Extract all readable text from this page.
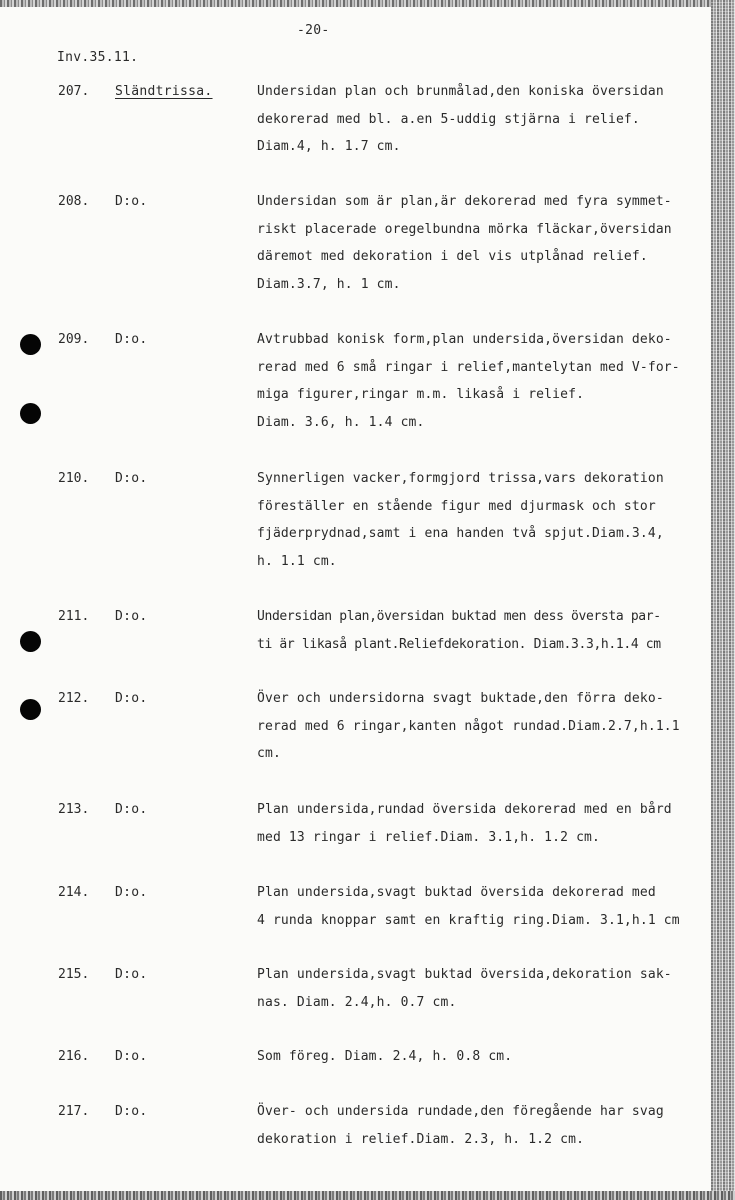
-20-
Inv.35.11.
207. Sländtrissa.	Undersidan plan och brunmålad,den koniska översidan
dekorerad med bl. a.en 5-uddig stjärna i relief.
Diam.4, h. 1.7 cm.
208. D:o.	Undersidan som är plan,är dekorerad med fyra symmet-
riskt placerade oregelbundna mörka fläckar,översidan
däremot med dekoration i del vis utplånad relief.
Diam.3.7, h. 1 cm.
209. D:o.	Avtrubbad konisk form,plan undersida,översidan deko-
rerad med 6 små ringar i relief,mantelytan med V-for-
miga figurer,ringar m.m. likaså i relief.
Diam. 3.6, h. 1.4 cm.
210. D:o.	Synnerligen vacker,formgjord trissa,vars dekoration
föreställer en stående figur med djurmask och stor
fjäderprydnad,samt i ena handen två spjut.Diam.3.4,
h. 1.1 cm.
211. D:o.	Undersidan plan,översidan buktad men dess översta par-
ti är likaså plant.Reliefdekoration. Diam.3.3,h.1.4 cm
212. D:o.	Över och undersidorna svagt buktade,den förra deko-
rerad med 6 ringar,kanten något rundad.Diam.2.7,h.1.1
cm.
213. D:o.	Plan undersida,rundad översida dekorerad med en bård
med 13 ringar i relief.Diam. 3.1,h. 1.2 cm.
214. D:o.	Plan undersida,svagt buktad översida dekorerad med
4 runda knoppar samt en kraftig ring.Diam. 3.1,h.1 cm
215. D:o.	Plan undersida,svagt buktad översida,dekoration sak-
nas. Diam. 2.4,h. 0.7 cm.
216. D:o.	Som föreg. Diam. 2.4, h. 0.8 cm.
217. D:o.	Över- och undersida rundade,den föregående har svag
dekoration i relief.Diam. 2.3, h. 1.2 cm.
